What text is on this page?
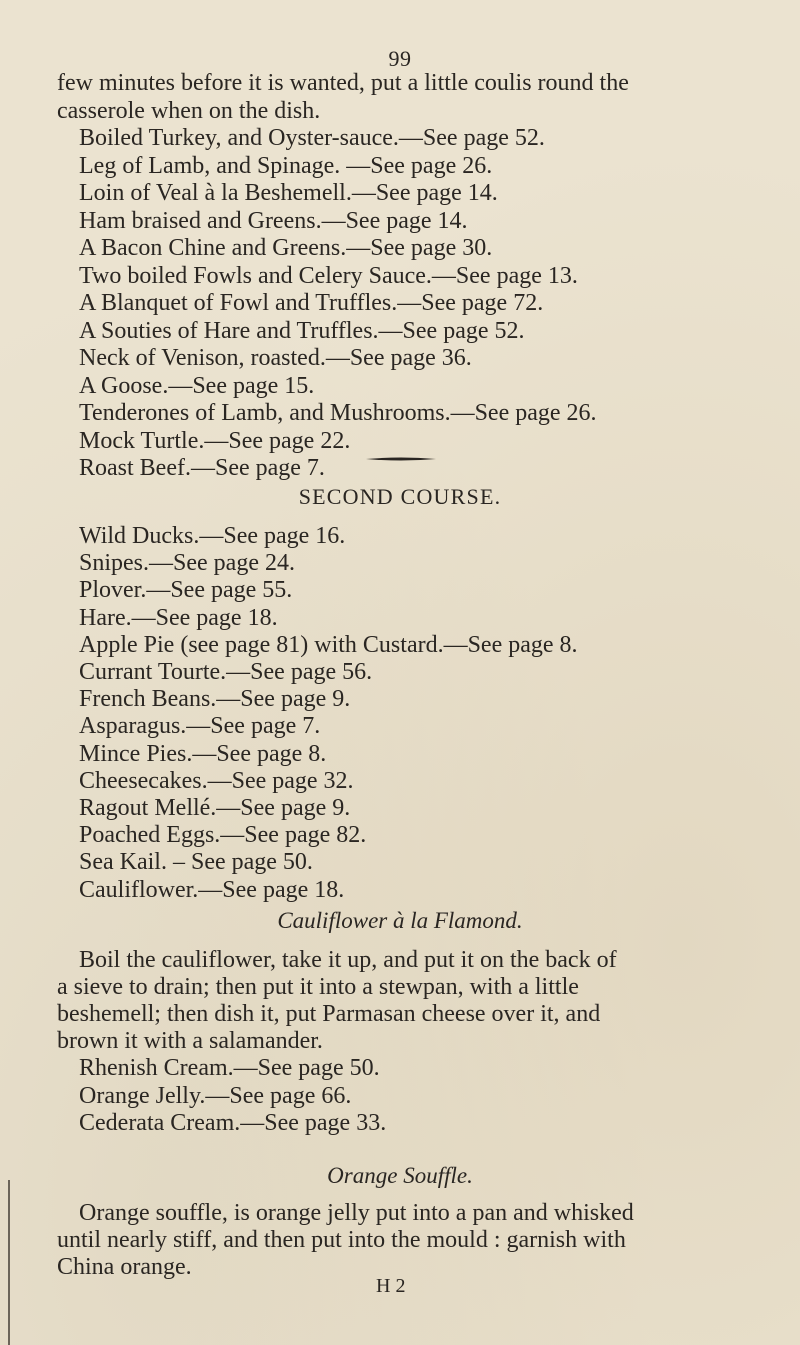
99
few minutes before it is wanted, put a little coulis round the
casserole when on the dish.
Boiled Turkey, and Oyster-sauce.—See page 52.
Leg of Lamb, and Spinage. —See page 26.
Loin of Veal à la Beshemell.—See page 14.
Ham braised and Greens.—See page 14.
A Bacon Chine and Greens.—See page 30.
Two boiled Fowls and Celery Sauce.—See page 13.
A Blanquet of Fowl and Truffles.—See page 72.
A Souties of Hare and Truffles.—See page 52.
Neck of Venison, roasted.—See page 36.
A Goose.—See page 15.
Tenderones of Lamb, and Mushrooms.—See page 26.
Mock Turtle.—See page 22.
Roast Beef.—See page 7.
SECOND COURSE.
Wild Ducks.—See page 16.
Snipes.—See page 24.
Plover.—See page 55.
Hare.—See page 18.
Apple Pie (see page 81) with Custard.—See page 8.
Currant Tourte.—See page 56.
French Beans.—See page 9.
Asparagus.—See page 7.
Mince Pies.—See page 8.
Cheesecakes.—See page 32.
Ragout Mellé.—See page 9.
Poached Eggs.—See page 82.
Sea Kail. – See page 50.
Cauliflower.—See page 18.
Cauliflower à la Flamond.
Boil the cauliflower, take it up, and put it on the back of
a sieve to drain; then put it into a stewpan, with a little
beshemell; then dish it, put Parmasan cheese over it, and
brown it with a salamander.
Rhenish Cream.—See page 50.
Orange Jelly.—See page 66.
Cederata Cream.—See page 33.
Orange Souffle.
Orange souffle, is orange jelly put into a pan and whisked
until nearly stiff, and then put into the mould : garnish with
China orange.
H 2
